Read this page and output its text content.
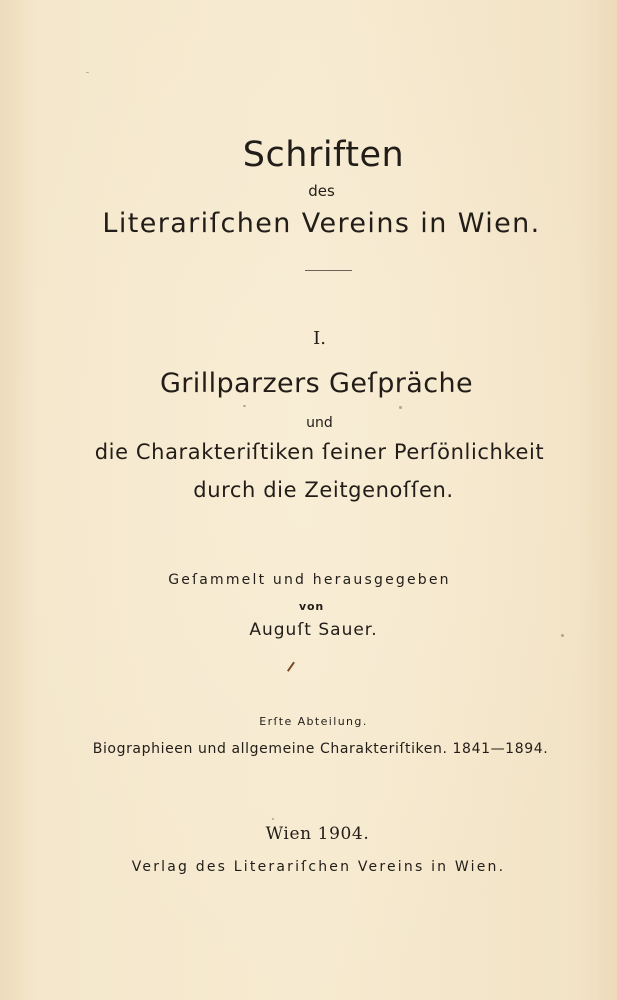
Schriften
des
Literariſchen Vereins in Wien.
I.
Grillparzers Geſpräche
und
die Charakteriſtiken ſeiner Perſönlichkeit
durch die Zeitgenoſſen.
Geſammelt und herausgegeben
von
Auguſt Sauer.
Erſte Abteilung.
Biographieen und allgemeine Charakteriſtiken. 1841—1894.
Wien 1904.
Verlag des Literariſchen Vereins in Wien.
